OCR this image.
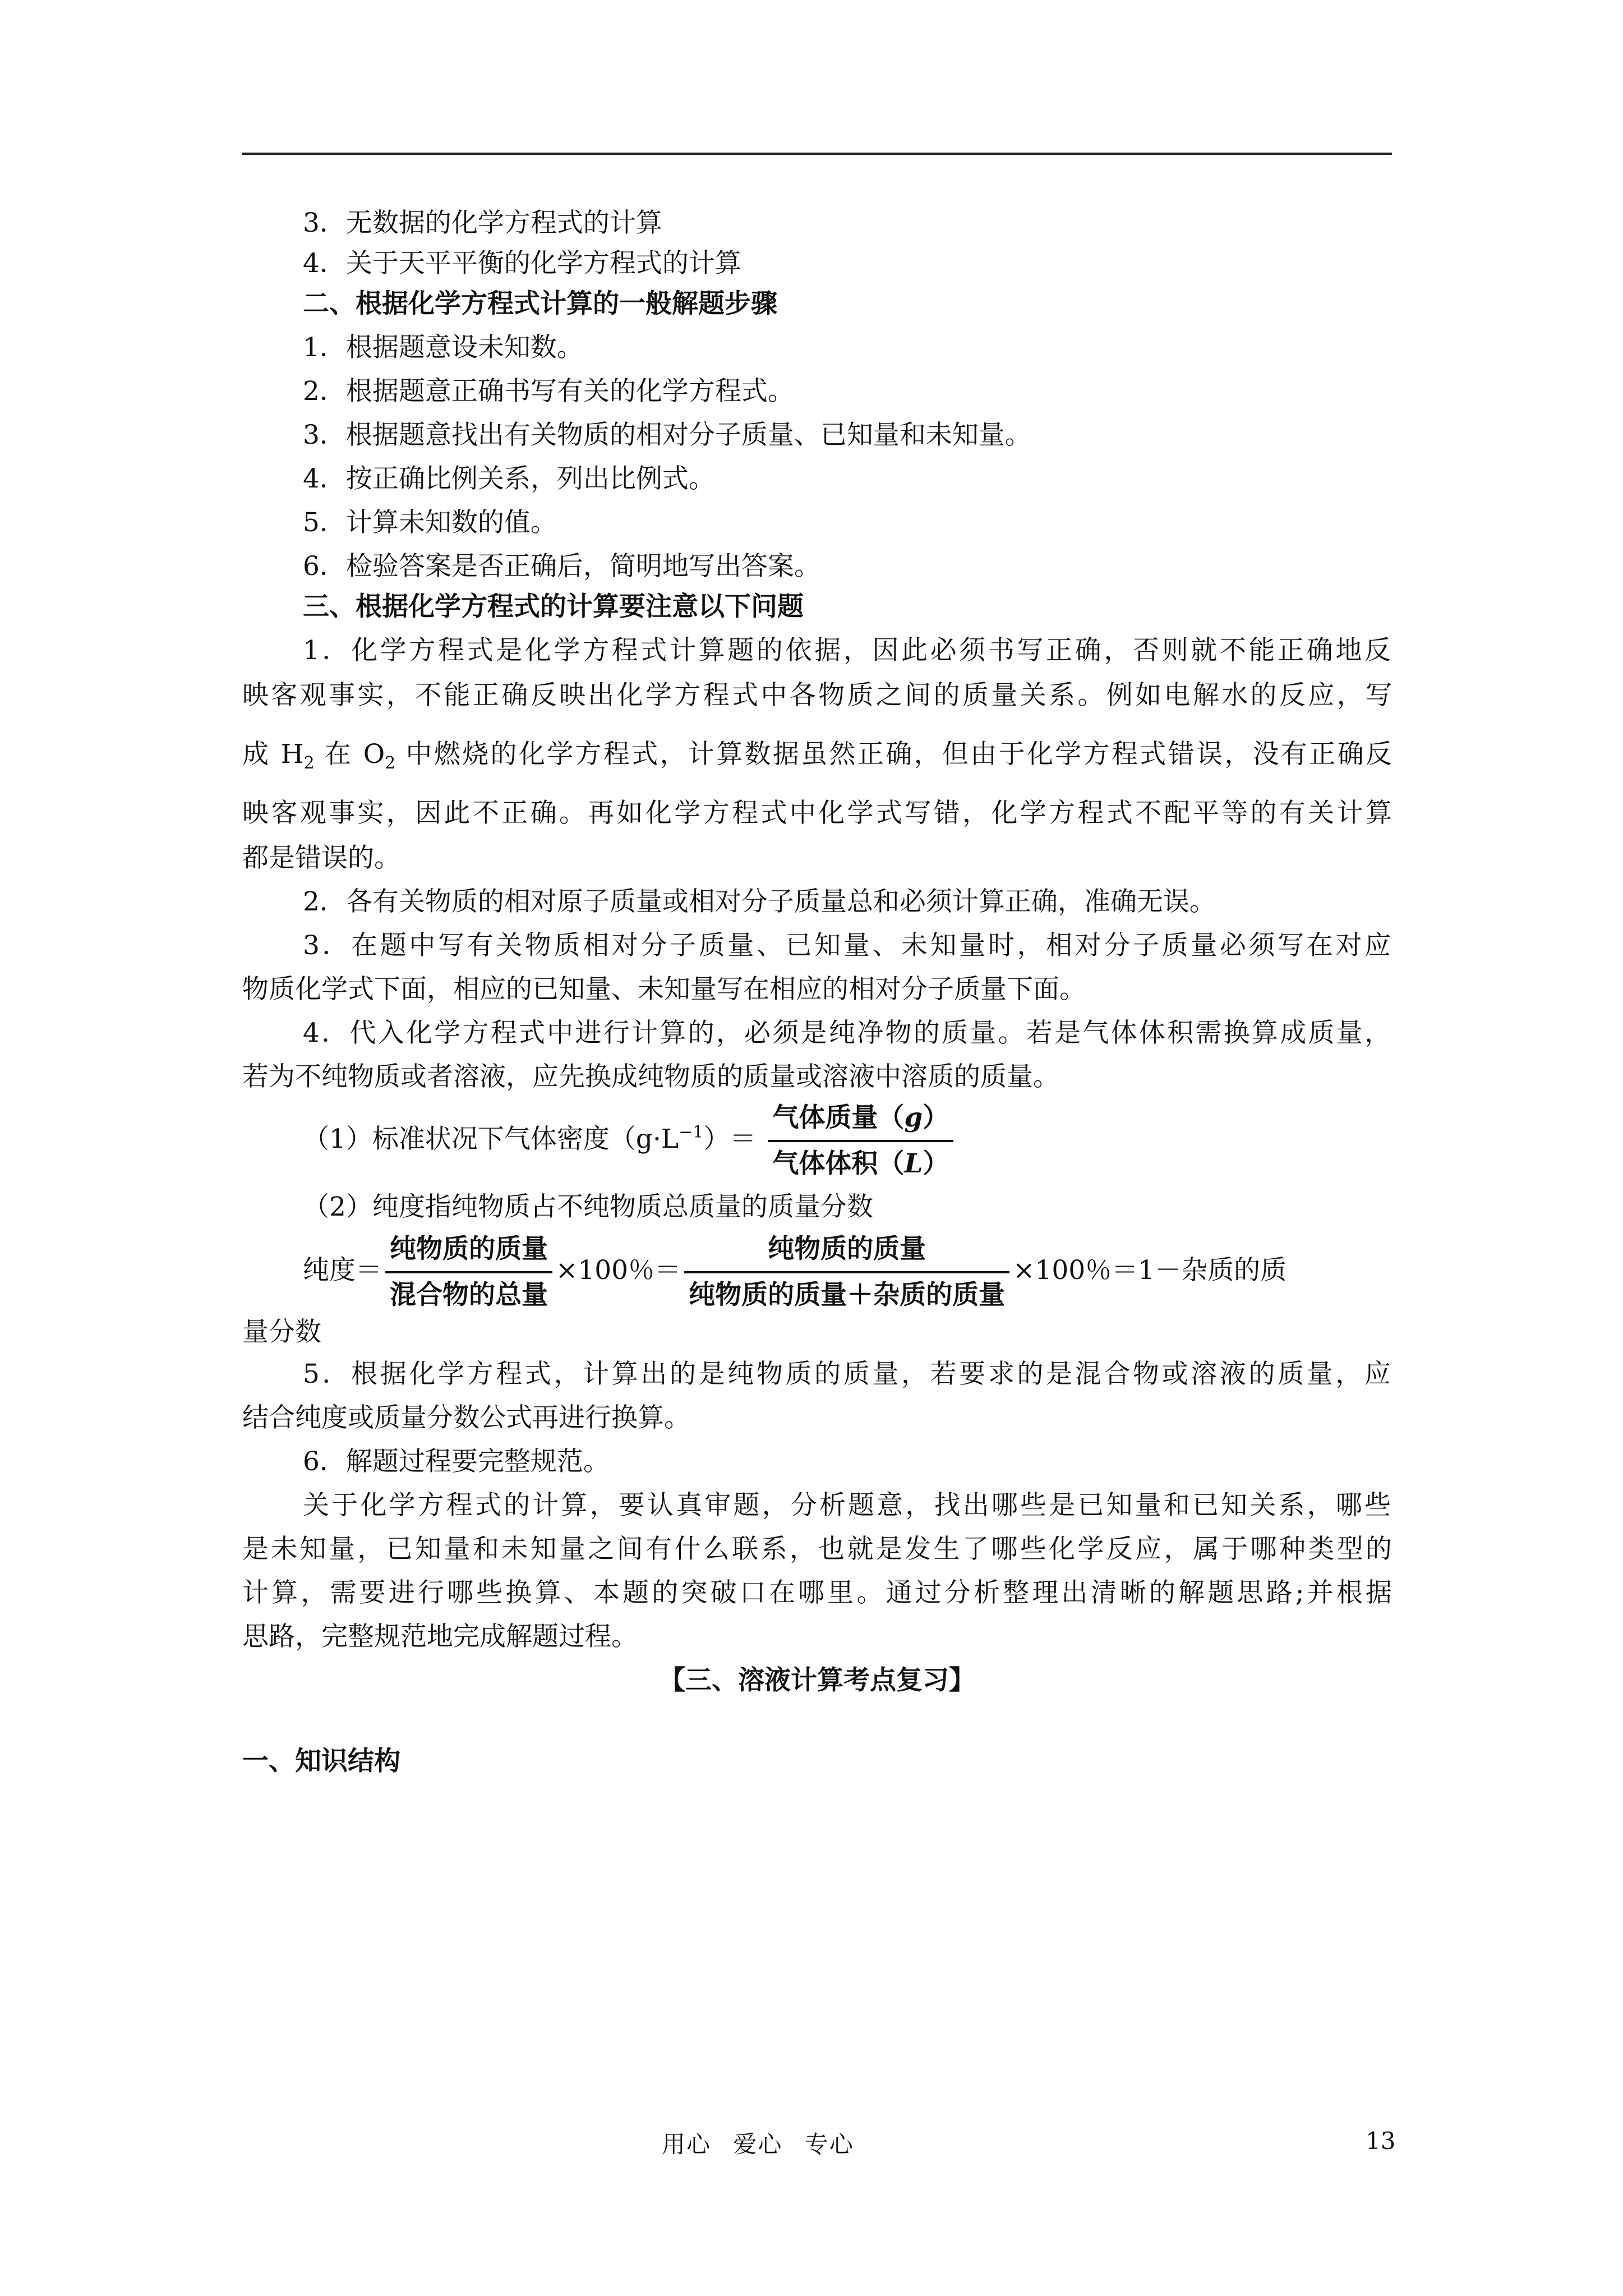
3．无数据的化学方程式的计算
4．关于天平平衡的化学方程式的计算
二、根据化学方程式计算的一般解题步骤
1．根据题意设未知数。
2．根据题意正确书写有关的化学方程式。
3．根据题意找出有关物质的相对分子质量、已知量和未知量。
4．按正确比例关系，列出比例式。
5．计算未知数的值。
6．检验答案是否正确后，简明地写出答案。
三、根据化学方程式的计算要注意以下问题
1．化学方程式是化学方程式计算题的依据，因此必须书写正确，否则就不能正确地反
映客观事实，不能正确反映出化学方程式中各物质之间的质量关系。例如电解水的反应，写
成 $H_2$ 在 $O_2$ 中燃烧的化学方程式，计算数据虽然正确，但由于化学方程式错误，没有正确反
映客观事实，因此不正确。再如化学方程式中化学式写错，化学方程式不配平等的有关计算
都是错误的。
2．各有关物质的相对原子质量或相对分子质量总和必须计算正确，准确无误。
3．在题中写有关物质相对分子质量、已知量、未知量时，相对分子质量必须写在对应
物质化学式下面，相应的已知量、未知量写在相应的相对分子质量下面。
4．代入化学方程式中进行计算的，必须是纯净物的质量。若是气体体积需换算成质量，
若为不纯物质或者溶液，应先换成纯物质的质量或溶液中溶质的质量。
（1）标准状况下气体密度$(g\cdot L^{-1})= \frac{\text{气体质量（g）}}{\text{气体体积（L）}}$
（2）纯度指纯物质占不纯物质总质量的质量分数
纯度＝ $\frac{\text{纯物质的质量}}{\text{混合物的总量}} \times 100$％＝ $\frac{\text{纯物质的质量}}{\text{纯物质的质量＋杂质的质量}} \times 100$％＝1－杂质的质
量分数
5．根据化学方程式，计算出的是纯物质的质量，若要求的是混合物或溶液的质量，应
结合纯度或质量分数公式再进行换算。
6．解题过程要完整规范。
关于化学方程式的计算，要认真审题，分析题意，找出哪些是已知量和已知关系，哪些
是未知量，已知量和未知量之间有什么联系，也就是发生了哪些化学反应，属于哪种类型的
计算，需要进行哪些换算、本题的突破口在哪里。通过分析整理出清晰的解题思路;并根据
思路，完整规范地完成解题过程。
【三、溶液计算考点复习】
一、知识结构
用心 爱心 专心	13
